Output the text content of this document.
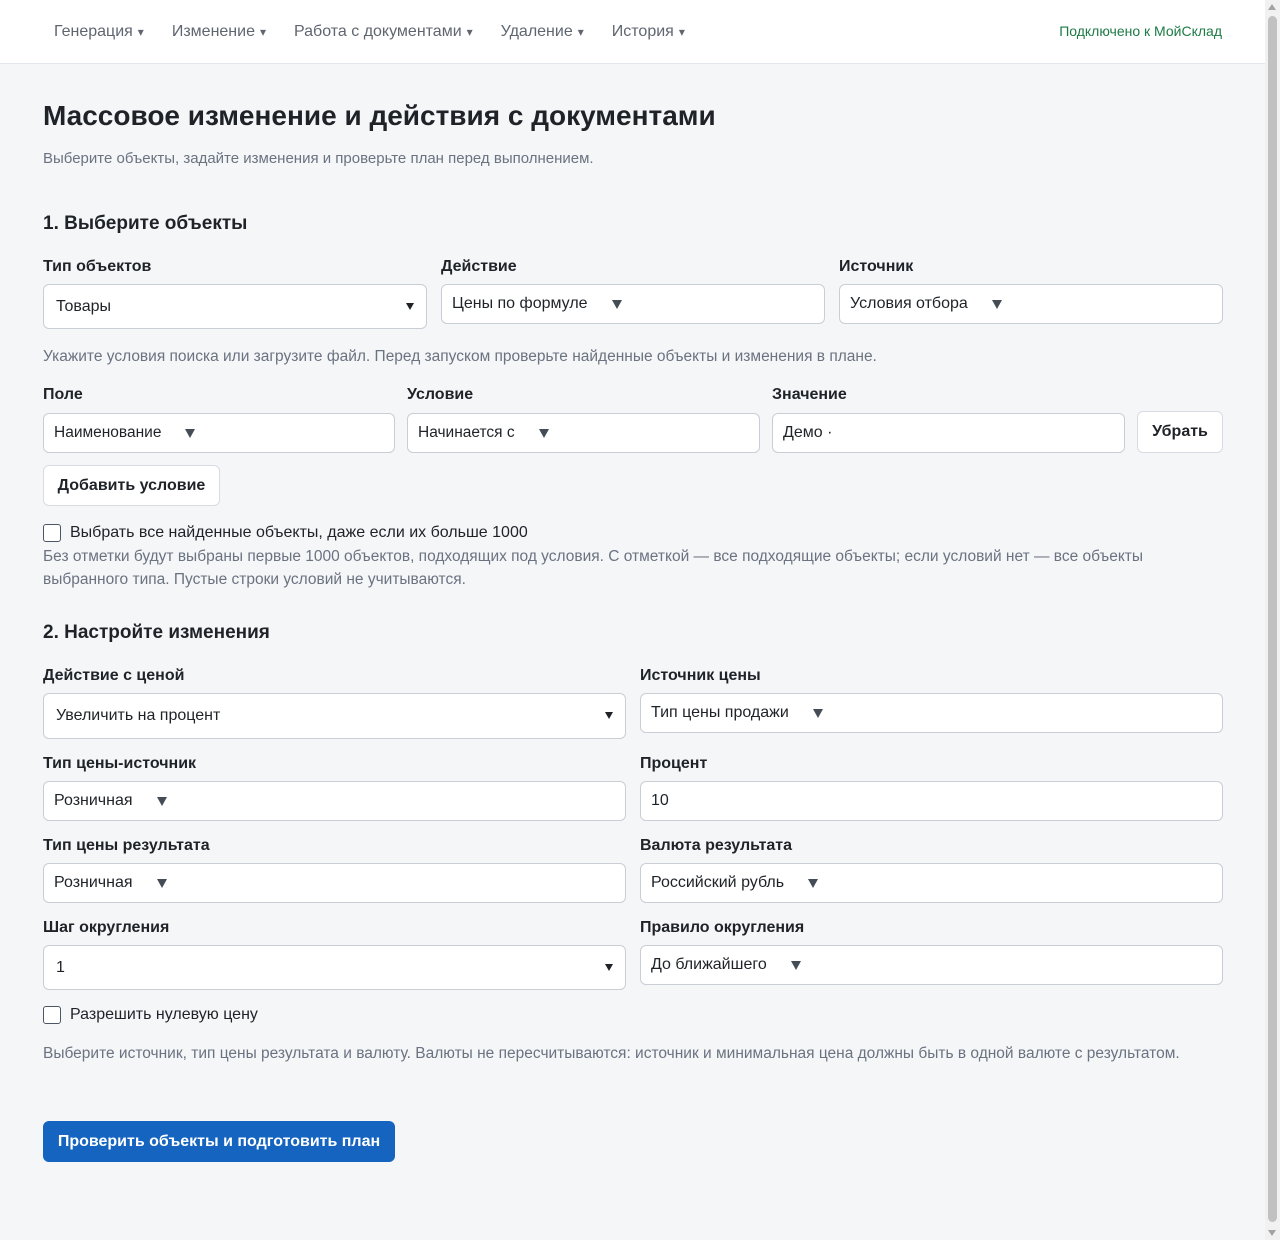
Генерация ▾ Изменение ▾ Работа с документами ▾ Удаление ▾ История ▾	Подключено к МойСклад
Массовое изменение и действия с документами
Выберите объекты, задайте изменения и проверьте план перед выполнением.
1. Выберите объекты
Тип объектов
Товары
Действие
Цены по формуле
Источник
Условия отбора
Укажите условия поиска или загрузите файл. Перед запуском проверьте найденные объекты и изменения в плане.
Поле	Условие	Значение
Наименование	Начинается с	Демо ·	Убрать
Добавить условие
Выбрать все найденные объекты, даже если их больше 1000
Без отметки будут выбраны первые 1000 объектов, подходящих под условия. С отметкой — все подходящие объекты; если условий нет — все объекты выбранного типа. Пустые строки условий не учитываются.
2. Настройте изменения
Действие с ценой
Увеличить на процент
Источник цены
Тип цены продажи
Тип цены-источник
Розничная
Процент
10
Тип цены результата
Розничная
Валюта результата
Российский рубль
Шаг округления
1
Правило округления
До ближайшего
Разрешить нулевую цену
Выберите источник, тип цены результата и валюту. Валюты не пересчитываются: источник и минимальная цена должны быть в одной валюте с результатом.
Проверить объекты и подготовить план
